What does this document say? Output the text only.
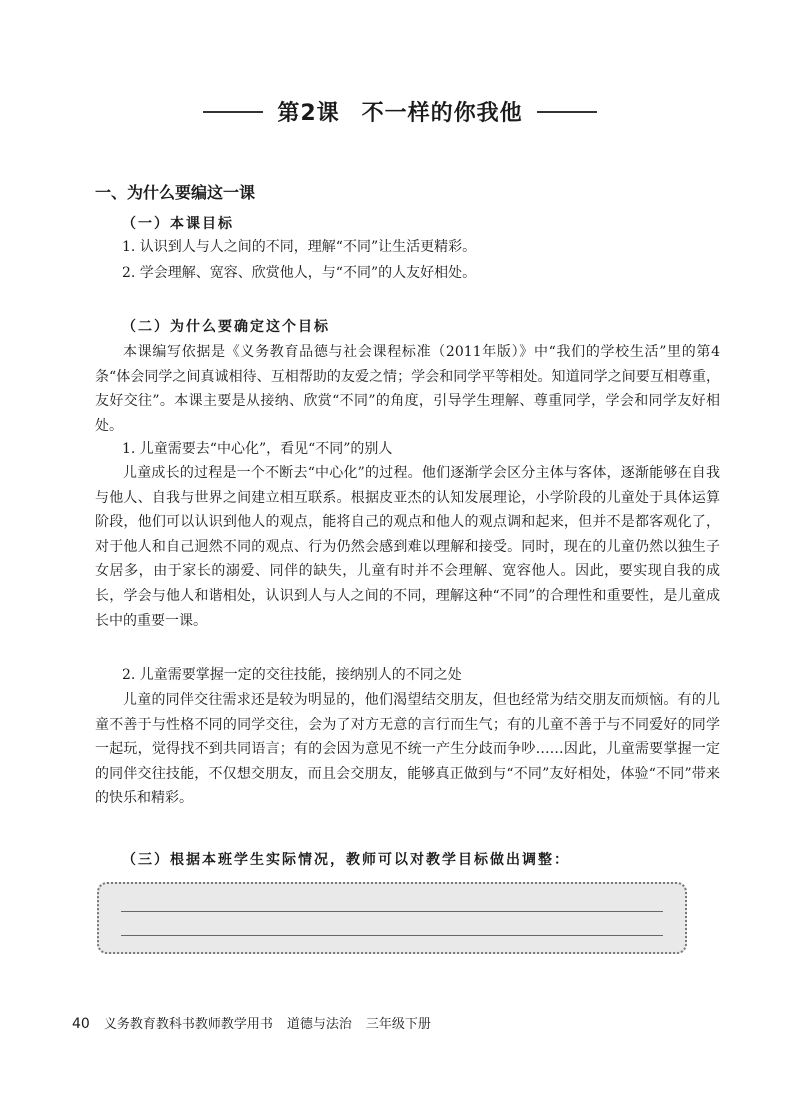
第2课 不一样的你我他
一、为什么要编这一课
（一）本课目标
1. 认识到人与人之间的不同，理解“不同”让生活更精彩。
2. 学会理解、宽容、欣赏他人，与“不同”的人友好相处。
（二）为什么要确定这个目标
本课编写依据是《义务教育品德与社会课程标准（2011年版）》中“我们的学校生活”里的第4条“体会同学之间真诚相待、互相帮助的友爱之情；学会和同学平等相处。知道同学之间要互相尊重，友好交往”。本课主要是从接纳、欣赏“不同”的角度，引导学生理解、尊重同学，学会和同学友好相处。
1. 儿童需要去“中心化”，看见“不同”的别人
儿童成长的过程是一个不断去“中心化”的过程。他们逐渐学会区分主体与客体，逐渐能够在自我与他人、自我与世界之间建立相互联系。根据皮亚杰的认知发展理论，小学阶段的儿童处于具体运算阶段，他们可以认识到他人的观点，能将自己的观点和他人的观点调和起来，但并不是都客观化了，对于他人和自己迥然不同的观点、行为仍然会感到难以理解和接受。同时，现在的儿童仍然以独生子女居多，由于家长的溺爱、同伴的缺失，儿童有时并不会理解、宽容他人。因此，要实现自我的成长，学会与他人和谐相处，认识到人与人之间的不同，理解这种“不同”的合理性和重要性，是儿童成长中的重要一课。
2. 儿童需要掌握一定的交往技能，接纳别人的不同之处
儿童的同伴交往需求还是较为明显的，他们渴望结交朋友，但也经常为结交朋友而烦恼。有的儿童不善于与性格不同的同学交往，会为了对方无意的言行而生气；有的儿童不善于与不同爱好的同学一起玩，觉得找不到共同语言；有的会因为意见不统一产生分歧而争吵……因此，儿童需要掌握一定的同伴交往技能，不仅想交朋友，而且会交朋友，能够真正做到与“不同”友好相处，体验“不同”带来的快乐和精彩。
（三）根据本班学生实际情况，教师可以对教学目标做出调整：
40 义务教育教科书教师教学用书 道德与法治 三年级下册
